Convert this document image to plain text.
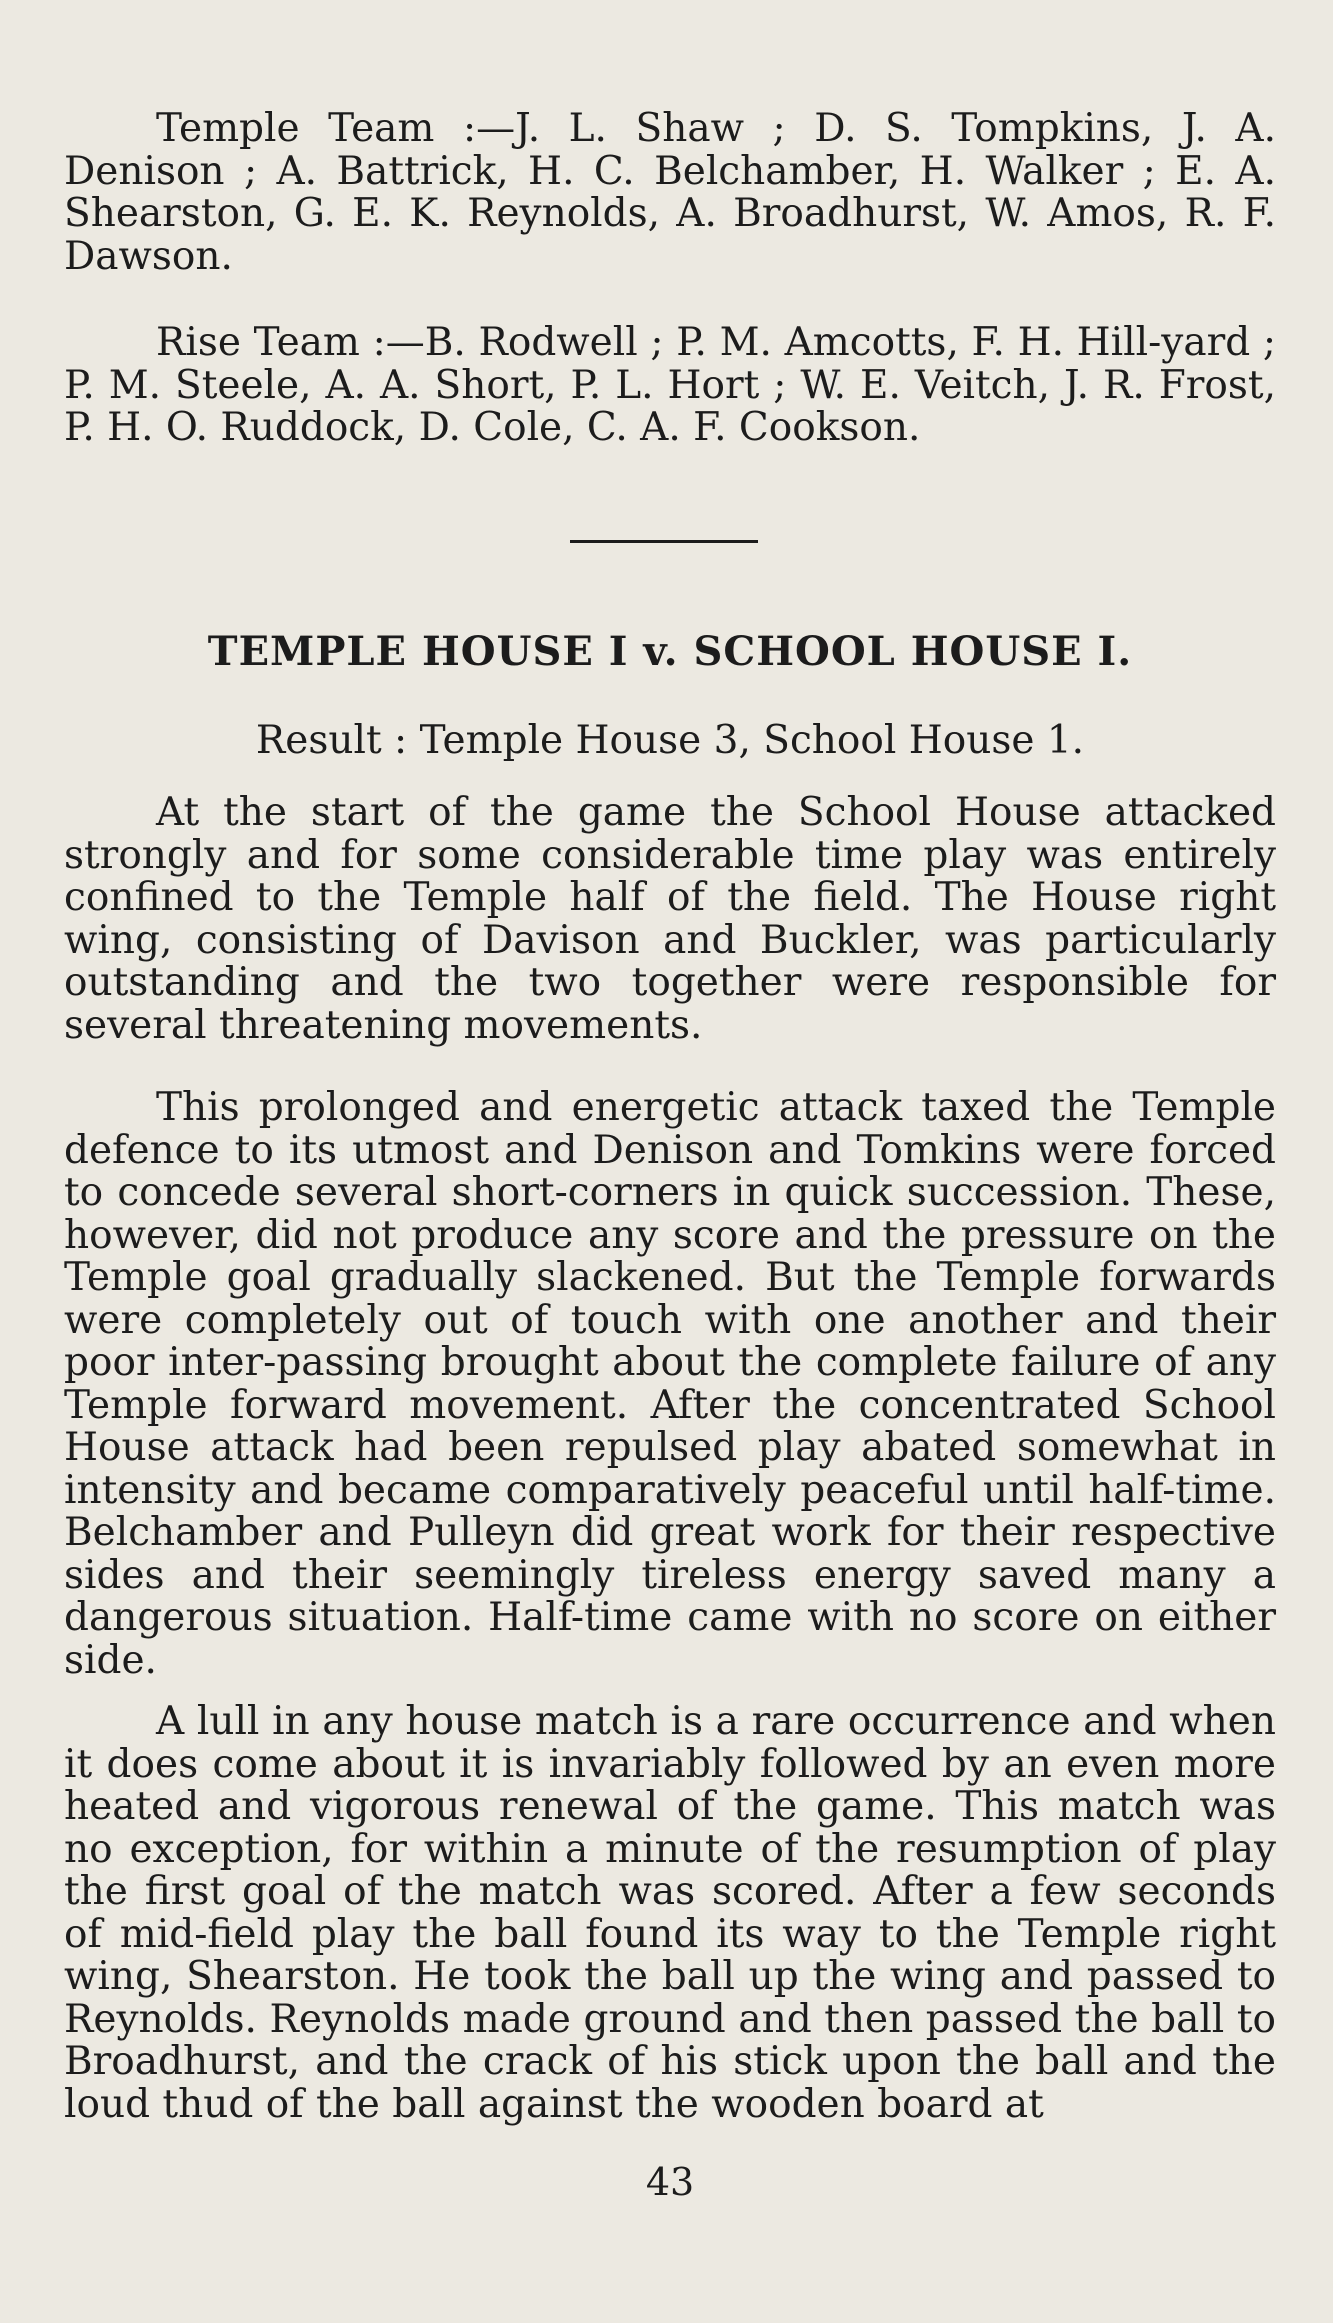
Temple Team :—J. L. Shaw ; D. S. Tompkins, J. A. Denison ; A. Battrick, H. C. Belchamber, H. Walker ; E. A. Shearston, G. E. K. Reynolds, A. Broadhurst, W. Amos, R. F. Dawson.

Rise Team :—B. Rodwell ; P. M. Amcotts, F. H. Hill-yard ; P. M. Steele, A. A. Short, P. L. Hort ; W. E. Veitch, J. R. Frost, P. H. O. Ruddock, D. Cole, C. A. F. Cookson.

TEMPLE HOUSE I v. SCHOOL HOUSE I.

Result : Temple House 3, School House 1.

At the start of the game the School House attacked strongly and for some considerable time play was entirely confined to the Temple half of the field. The House right wing, consisting of Davison and Buckler, was particularly outstanding and the two together were responsible for several threatening movements.

This prolonged and energetic attack taxed the Temple defence to its utmost and Denison and Tomkins were forced to concede several short-corners in quick succession. These, however, did not produce any score and the pressure on the Temple goal gradually slackened. But the Temple forwards were completely out of touch with one another and their poor inter-passing brought about the complete failure of any Temple forward movement. After the concentrated School House attack had been repulsed play abated somewhat in intensity and became comparatively peaceful until half-time. Belchamber and Pulleyn did great work for their respective sides and their seemingly tireless energy saved many a dangerous situation. Half-time came with no score on either side.

A lull in any house match is a rare occurrence and when it does come about it is invariably followed by an even more heated and vigorous renewal of the game. This match was no exception, for within a minute of the resumption of play the first goal of the match was scored. After a few seconds of mid-field play the ball found its way to the Temple right wing, Shearston. He took the ball up the wing and passed to Reynolds. Reynolds made ground and then passed the ball to Broadhurst, and the crack of his stick upon the ball and the loud thud of the ball against the wooden board at

43
